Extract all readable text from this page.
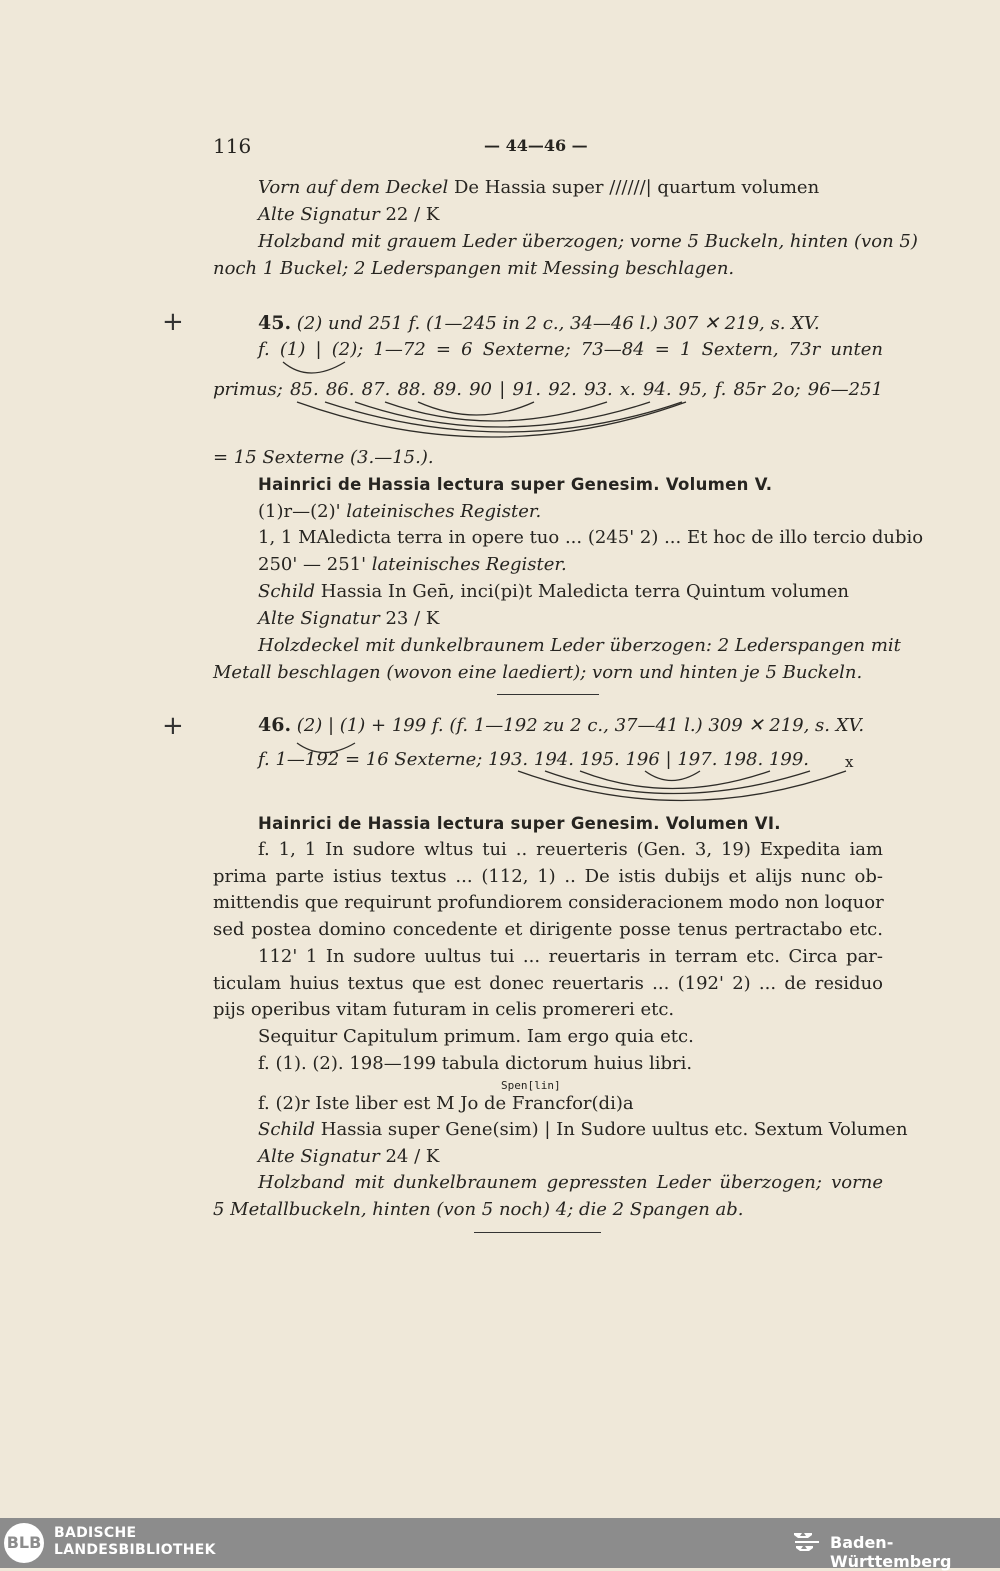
116	— 44—46 —
Vorn auf dem Deckel De Hassia super //////| quartum volumen
Alte Signatur 22 / K
Holzband mit grauem Leder überzogen; vorne 5 Buckeln, hinten (von 5)
noch 1 Buckel; 2 Lederspangen mit Messing beschlagen.
+	45. (2) und 251 f. (1—245 in 2 c., 34—46 l.) 307 ✕ 219, s. XV.
f. (1) | (2); 1—72 = 6 Sexterne; 73—84 = 1 Sextern, 73r unten
primus; 85. 86. 87. 88. 89. 90 | 91. 92. 93. x. 94. 95, f. 85r 2o; 96—251
= 15 Sexterne (3.—15.).
Hainrici de Hassia lectura super Genesim. Volumen V.
(1)r—(2)' lateinisches Register.
1, 1 MAledicta terra in opere tuo ... (245' 2) ... Et hoc de illo tercio dubio
250' — 251' lateinisches Register.
Schild Hassia In Gen̄, inci(pi)t Maledicta terra Quintum volumen
Alte Signatur 23 / K
Holzdeckel mit dunkelbraunem Leder überzogen: 2 Lederspangen mit
Metall beschlagen (wovon eine laediert); vorn und hinten je 5 Buckeln.
+	46. (2) | (1) + 199 f. (f. 1—192 zu 2 c., 37—41 l.) 309 ✕ 219, s. XV.
f. 1—192 = 16 Sexterne; 193. 194. 195. 196 | 197. 198. 199. x
Hainrici de Hassia lectura super Genesim. Volumen VI.
f. 1, 1 In sudore wltus tui .. reuerteris (Gen. 3, 19) Expedita iam
prima parte istius textus ... (112, 1) .. De istis dubijs et alijs nunc ob-
mittendis que requirunt profundiorem consideracionem modo non loquor
sed postea domino concedente et dirigente posse tenus pertractabo etc.
112' 1 In sudore uultus tui ... reuertaris in terram etc. Circa par-
ticulam huius textus que est donec reuertaris ... (192' 2) ... de residuo
pijs operibus vitam futuram in celis promereri etc.
Sequitur Capitulum primum. Iam ergo quia etc.
f. (1). (2). 198—199 tabula dictorum huius libri.
Spen[lin]
f. (2)r Iste liber est M Jo de Francfor(di)a
Schild Hassia super Gene(sim) | In Sudore uultus etc. Sextum Volumen
Alte Signatur 24 / K
Holzband mit dunkelbraunem gepressten Leder überzogen; vorne
5 Metallbuckeln, hinten (von 5 noch) 4; die 2 Spangen ab.
BLB BADISCHE
LANDESBIBLIOTHEK	Baden-Württemberg
